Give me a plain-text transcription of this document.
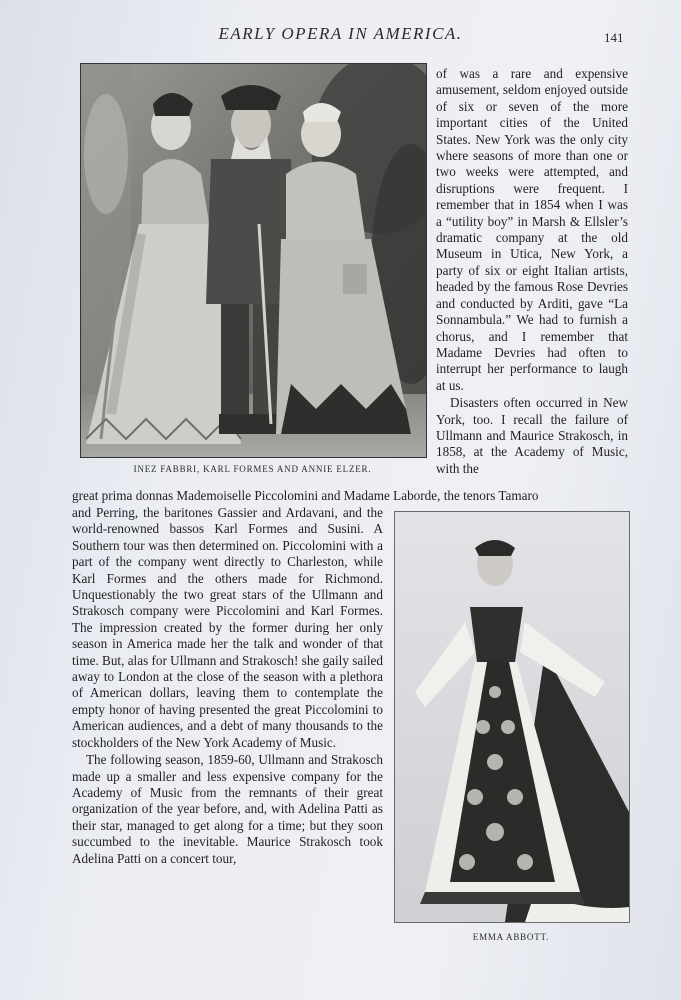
EARLY OPERA IN AMERICA.	141
INEZ FABBRI, KARL FORMES AND ANNIE ELZER.

of was a rare and expensive amusement, seldom enjoyed outside of six or seven of the more important cities of the United States. New York was the only city where seasons of more than one or two weeks were attempted, and disruptions were frequent. I remember that in 1854 when I was a “utility boy” in Marsh & Ellsler’s dramatic company at the old Museum in Utica, New York, a party of six or eight Italian artists, headed by the famous Rose Devries and conducted by Arditi, gave “La Sonnambula.” We had to furnish a chorus, and I remember that Madame Devries had often to interrupt her performance to laugh at us.

Disasters often occurred in New York, too. I recall the failure of Ullmann and Maurice Strakosch, in 1858, at the Academy of Music, with the

great prima donnas Mademoiselle Piccolomini and Madame Laborde, the tenors Tamaro

and Perring, the baritones Gassier and Ardavani, and the world-renowned bassos Karl Formes and Susini. A Southern tour was then determined on. Piccolomini with a part of the company went directly to Charleston, while Karl Formes and the others made for Richmond. Unquestionably the two great stars of the Ullmann and Strakosch company were Piccolomini and Karl Formes. The impression created by the former during her only season in America made her the talk and wonder of that time. But, alas for Ullmann and Strakosch! she gaily sailed away to London at the close of the season with a plethora of American dollars, leaving them to contemplate the empty honor of having presented the great Piccolomini to American audiences, and a debt of many thousands to the stockholders of the New York Academy of Music.

The following season, 1859-60, Ullmann and Strakosch made up a smaller and less expensive company for the Academy of Music from the remnants of their great organization of the year before, and, with Adelina Patti as their star, managed to get along for a time; but they soon succumbed to the inevitable. Maurice Strakosch took Adelina Patti on a concert tour,

EMMA ABBOTT.
